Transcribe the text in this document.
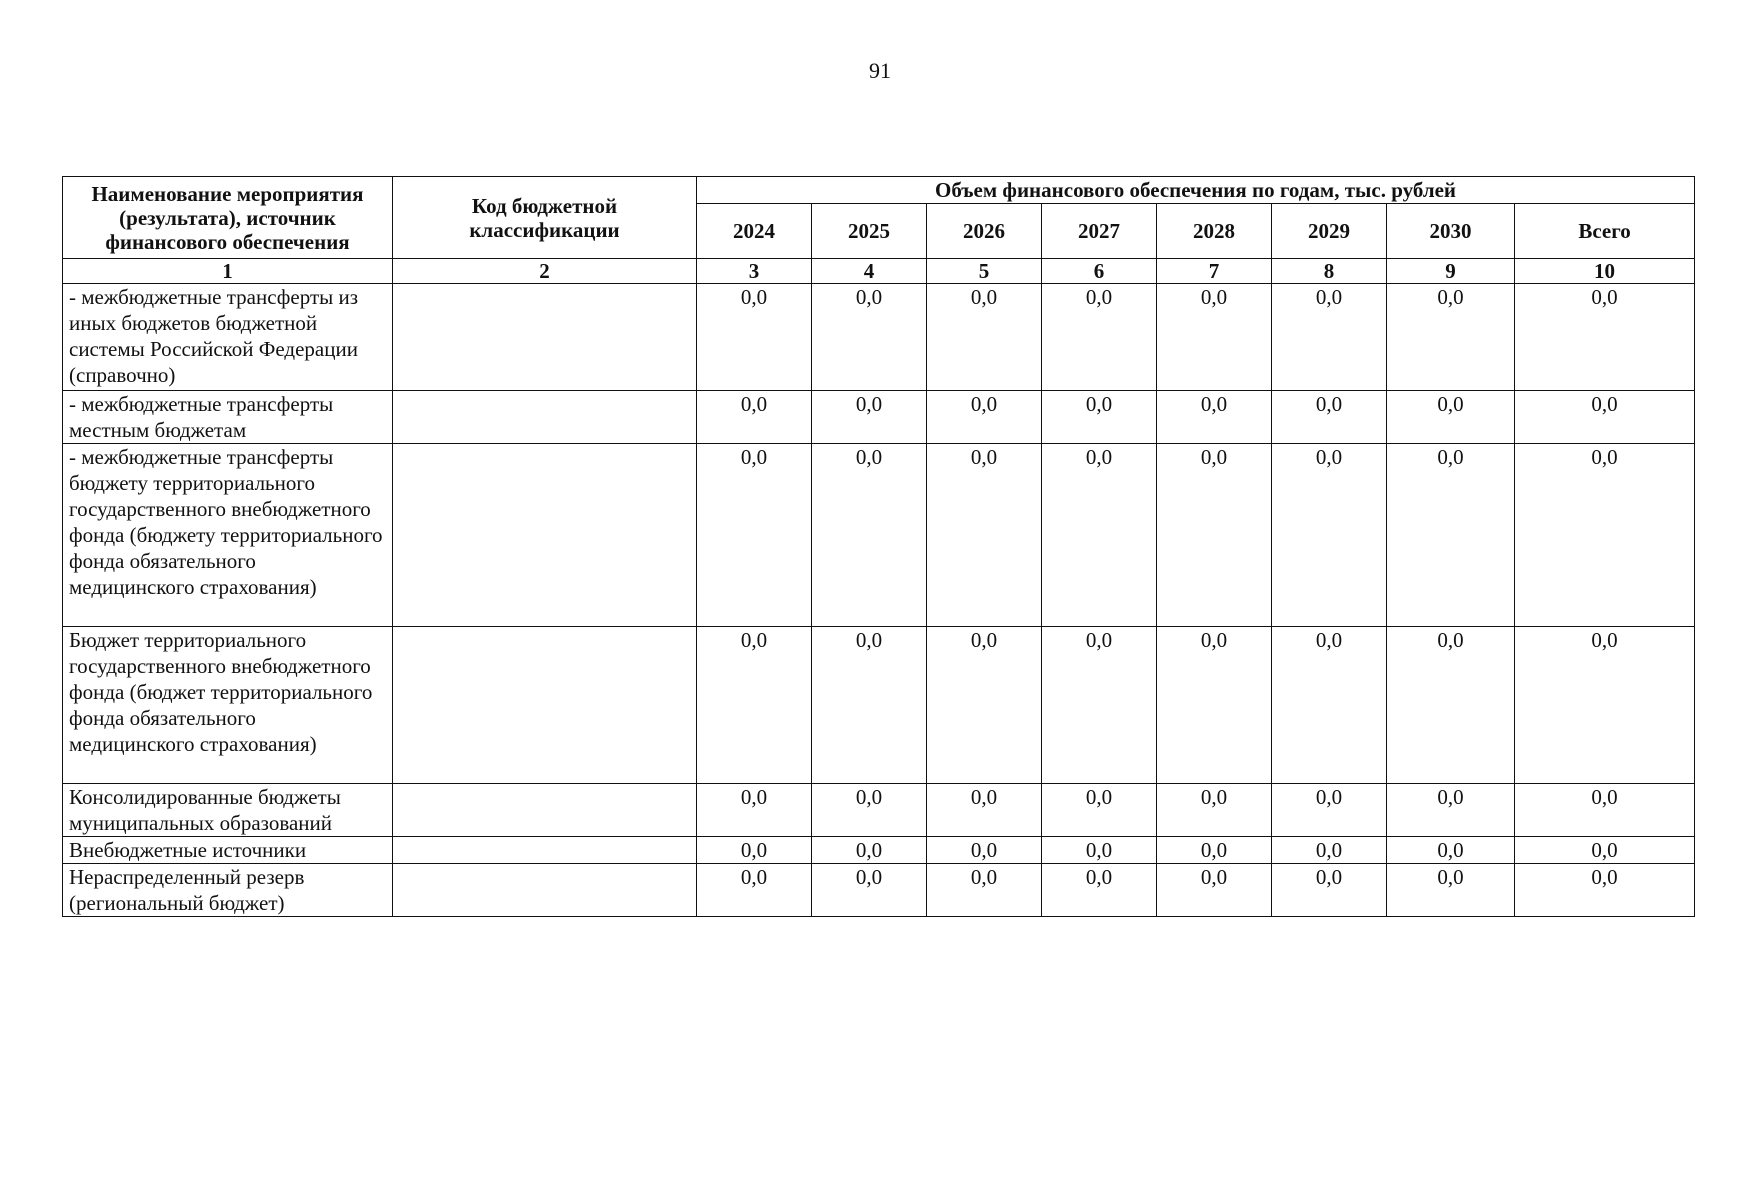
91
Наименование мероприятия (результата), источник финансового обеспечения	Код бюджетной классификации	Объем финансового обеспечения по годам, тыс. рублей							
		2024	2025	2026	2027	2028	2029	2030	Всего
1	2	3	4	5	6	7	8	9	10
- межбюджетные трансферты из иных бюджетов бюджетной системы Российской Федерации (справочно)		0,0	0,0	0,0	0,0	0,0	0,0	0,0	0,0
- межбюджетные трансферты местным бюджетам		0,0	0,0	0,0	0,0	0,0	0,0	0,0	0,0
- межбюджетные трансферты бюджету территориального государственного внебюджетного фонда (бюджету территориального фонда обязательного медицинского страхования)		0,0	0,0	0,0	0,0	0,0	0,0	0,0	0,0
Бюджет территориального государственного внебюджетного фонда (бюджет территориального фонда обязательного медицинского страхования)		0,0	0,0	0,0	0,0	0,0	0,0	0,0	0,0
Консолидированные бюджеты муниципальных образований		0,0	0,0	0,0	0,0	0,0	0,0	0,0	0,0
Внебюджетные источники		0,0	0,0	0,0	0,0	0,0	0,0	0,0	0,0
Нераспределенный резерв (региональный бюджет)		0,0	0,0	0,0	0,0	0,0	0,0	0,0	0,0
